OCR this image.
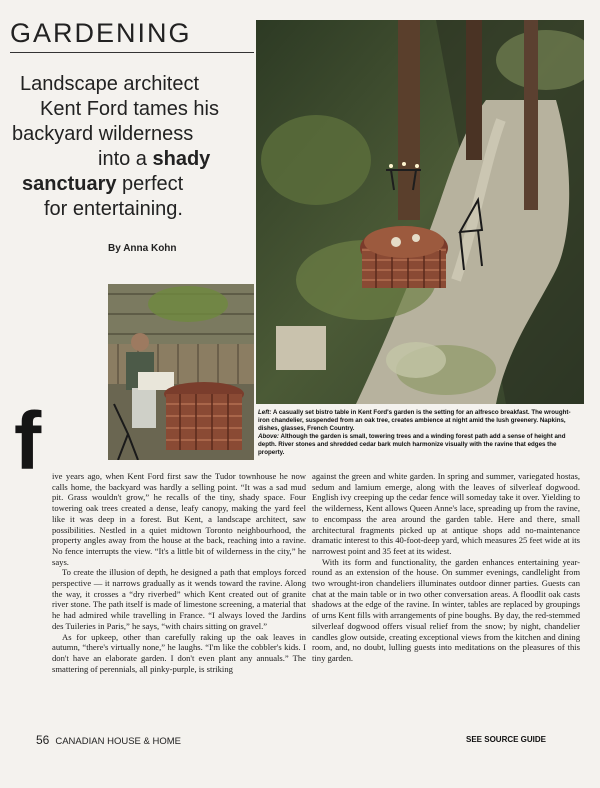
GARDENING
Landscape architect
Kent Ford tames his
backyard wilderness
into a shady
sanctuary perfect
for entertaining.

By Anna Kohn

Left: A casually set bistro table in Kent Ford's garden is the setting for an alfresco breakfast. The wrought-iron chandelier, suspended from an oak tree, creates ambience at night amid the lush greenery. Napkins, dishes, glasses, French Country.
Above: Although the garden is small, towering trees and a winding forest path add a sense of height and depth. River stones and shredded cedar bark mulch harmonize visually with the ravine that edges the property.

f ive years ago, when Kent Ford first saw the Tudor townhouse he now calls home, the backyard was hardly a selling point. “It was a sad mud pit. Grass wouldn't grow,” he recalls of the tiny, shady space. Four towering oak trees created a dense, leafy canopy, making the yard feel like it was deep in a forest. But Kent, a landscape architect, saw possibilities. Nestled in a quiet midtown Toronto neighbourhood, the property angles away from the house at the back, reaching into a ravine. No fence interrupts the view. “It's a little bit of wilderness in the city,” he says.

To create the illusion of depth, he designed a path that employs forced perspective — it narrows gradually as it wends toward the ravine. Along the way, it crosses a “dry riverbed” which Kent created out of granite river stone. The path itself is made of limestone screening, a material that he had admired while travelling in France. “I always loved the Jardins des Tuileries in Paris,” he says, “with chairs sitting on gravel.”

As for upkeep, other than carefully raking up the oak leaves in autumn, “there's virtually none,” he laughs. “I'm like the cobbler's kids. I don't have an elaborate garden. I don't even plant any annuals.” The smattering of perennials, all pinky-purple, is striking

against the green and white garden. In spring and summer, variegated hostas, sedum and lamium emerge, along with the leaves of silverleaf dogwood. English ivy creeping up the cedar fence will someday take it over. Yielding to the wilderness, Kent allows Queen Anne's lace, spreading up from the ravine, to encompass the area around the garden table. Here and there, small architectural fragments picked up at antique shops add no-maintenance dramatic interest to this 40-foot-deep yard, which measures 25 feet wide at its narrowest point and 35 feet at its widest.

With its form and functionality, the garden enhances entertaining year-round as an extension of the house. On summer evenings, candlelight from two wrought-iron chandeliers illuminates outdoor dinner parties. Guests can chat at the main table or in two other conversation areas. A floodlit oak casts shadows at the edge of the ravine. In winter, tables are replaced by groupings of urns Kent fills with arrangements of pine boughs. By day, the red-stemmed silverleaf dogwood offers visual relief from the snow; by night, chandelier candles glow outside, creating exceptional views from the kitchen and dining room, and, no doubt, lulling guests into meditations on the pleasures of this tiny garden.

56 CANADIAN HOUSE & HOME	SEE SOURCE GUIDE
